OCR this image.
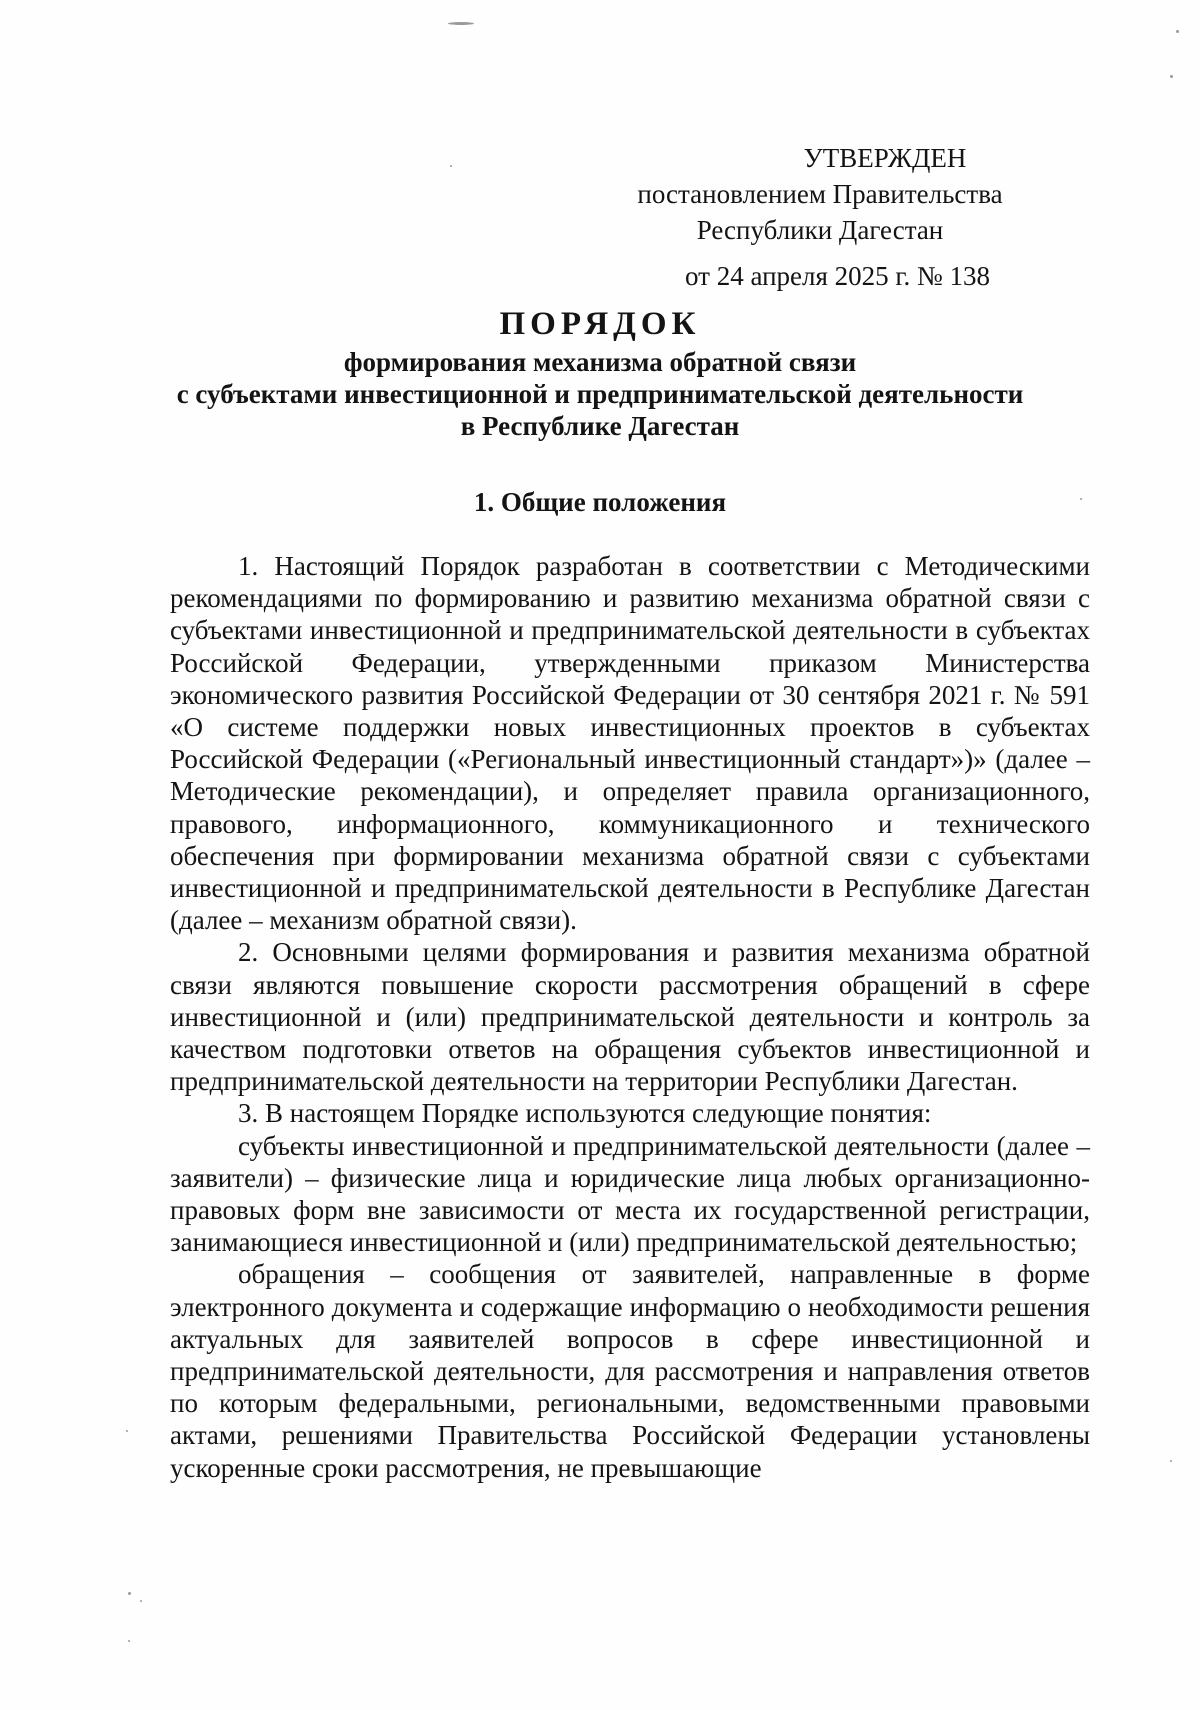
УТВЕРЖДЕН
постановлением Правительства
Республики Дагестан
от 24 апреля 2025 г. № 138
ПОРЯДОК
формирования механизма обратной связи
с субъектами инвестиционной и предпринимательской деятельности
в Республике Дагестан
1. Общие положения

1. Настоящий Порядок разработан в соответствии с Методическими рекомендациями по формированию и развитию механизма обратной связи с субъектами инвестиционной и предпринимательской деятельности в субъектах Российской Федерации, утвержденными приказом Министерства экономического развития Российской Федерации от 30 сентября 2021 г. № 591 «О системе поддержки новых инвестиционных проектов в субъектах Российской Федерации («Региональный инвестиционный стандарт»)» (далее – Методические рекомендации), и определяет правила организационного, правового, информационного, коммуникационного и технического обеспечения при формировании механизма обратной связи с субъектами инвестиционной и предпринимательской деятельности в Республике Дагестан (далее – механизм обратной связи).

2. Основными целями формирования и развития механизма обратной связи являются повышение скорости рассмотрения обращений в сфере инвестиционной и (или) предпринимательской деятельности и контроль за качеством подготовки ответов на обращения субъектов инвестиционной и предпринимательской деятельности на территории Республики Дагестан.

3. В настоящем Порядке используются следующие понятия:

субъекты инвестиционной и предпринимательской деятельности (далее – заявители) – физические лица и юридические лица любых организационно-правовых форм вне зависимости от места их государственной регистрации, занимающиеся инвестиционной и (или) предпринимательской деятельностью;

обращения – сообщения от заявителей, направленные в форме электронного документа и содержащие информацию о необходимости решения актуальных для заявителей вопросов в сфере инвестиционной и предпринимательской деятельности, для рассмотрения и направления ответов по которым федеральными, региональными, ведомственными правовыми актами, решениями Правительства Российской Федерации установлены ускоренные сроки рассмотрения, не превышающие
